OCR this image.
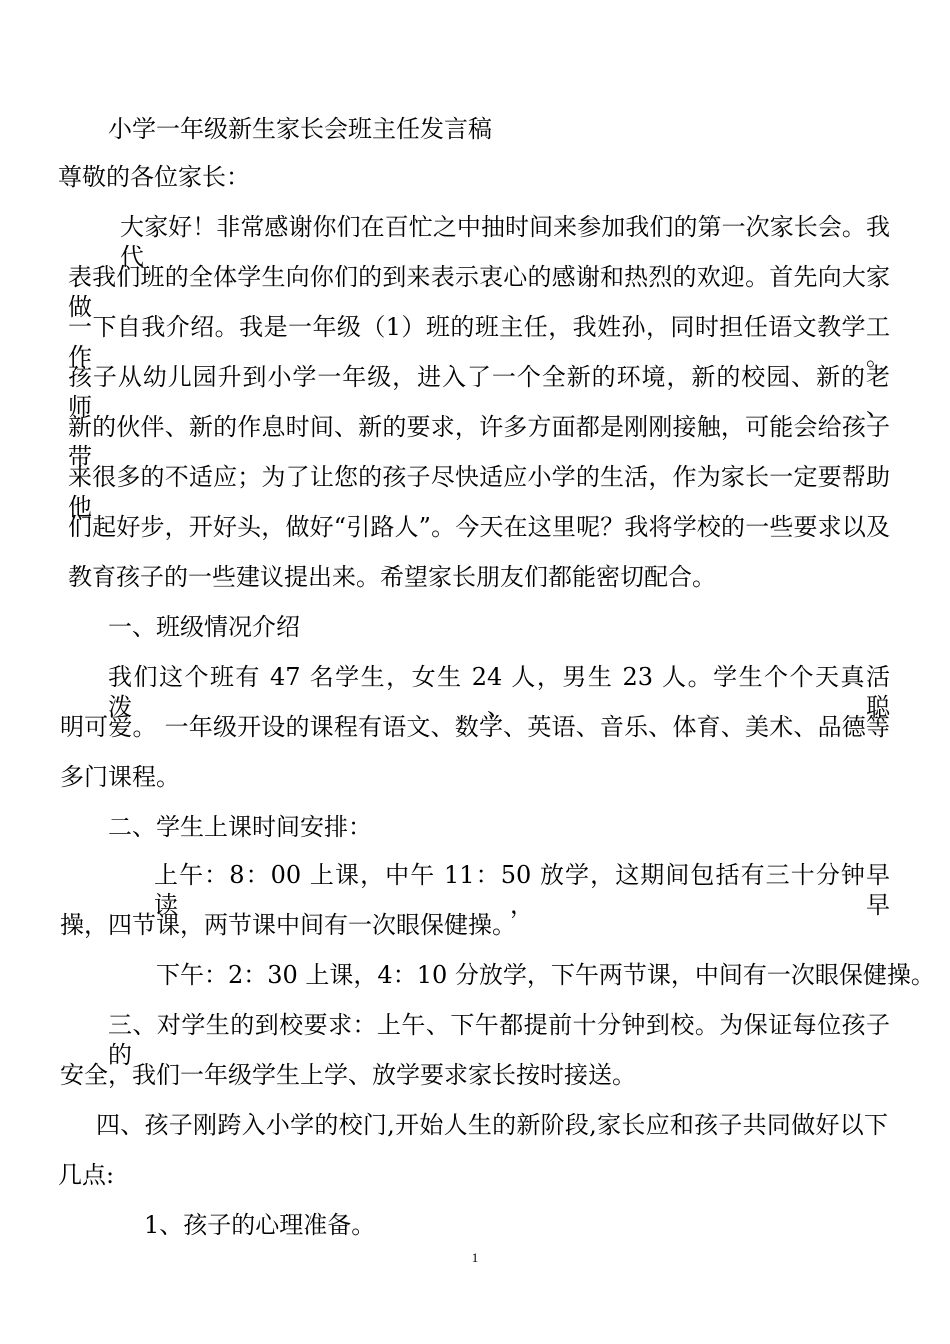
小学一年级新生家长会班主任发言稿

尊敬的各位家长：

大家好！非常感谢你们在百忙之中抽时间来参加我们的第一次家长会。我代

表我们班的全体学生向你们的到来表示衷心的感谢和热烈的欢迎。首先向大家做

一下自我介绍。我是一年级（1）班的班主任，我姓孙，同时担任语文教学工作。

孩子从幼儿园升到小学一年级，进入了一个全新的环境，新的校园、新的老师、

新的伙伴、新的作息时间、新的要求，许多方面都是刚刚接触，可能会给孩子带

来很多的不适应；为了让您的孩子尽快适应小学的生活，作为家长一定要帮助他

们起好步，开好头，做好“引路人”。今天在这里呢？我将学校的一些要求以及

教育孩子的一些建议提出来。希望家长朋友们都能密切配合。

一、班级情况介绍

我们这个班有 47 名学生，女生 24 人，男生 23 人。学生个个天真活泼、聪

明可爱。 一年级开设的课程有语文、数学、英语、音乐、体育、美术、品德等

多门课程。

二、学生上课时间安排：

上午：8：00 上课，中午 11：50 放学，这期间包括有三十分钟早读，早

操，四节课，两节课中间有一次眼保健操。

下午：2：30 上课，4：10 分放学，下午两节课，中间有一次眼保健操。

三、对学生的到校要求：上午、下午都提前十分钟到校。为保证每位孩子的

安全，我们一年级学生上学、放学要求家长按时接送。

四、孩子刚跨入小学的校门,开始人生的新阶段,家长应和孩子共同做好以下

几点:

1、孩子的心理准备。

1
